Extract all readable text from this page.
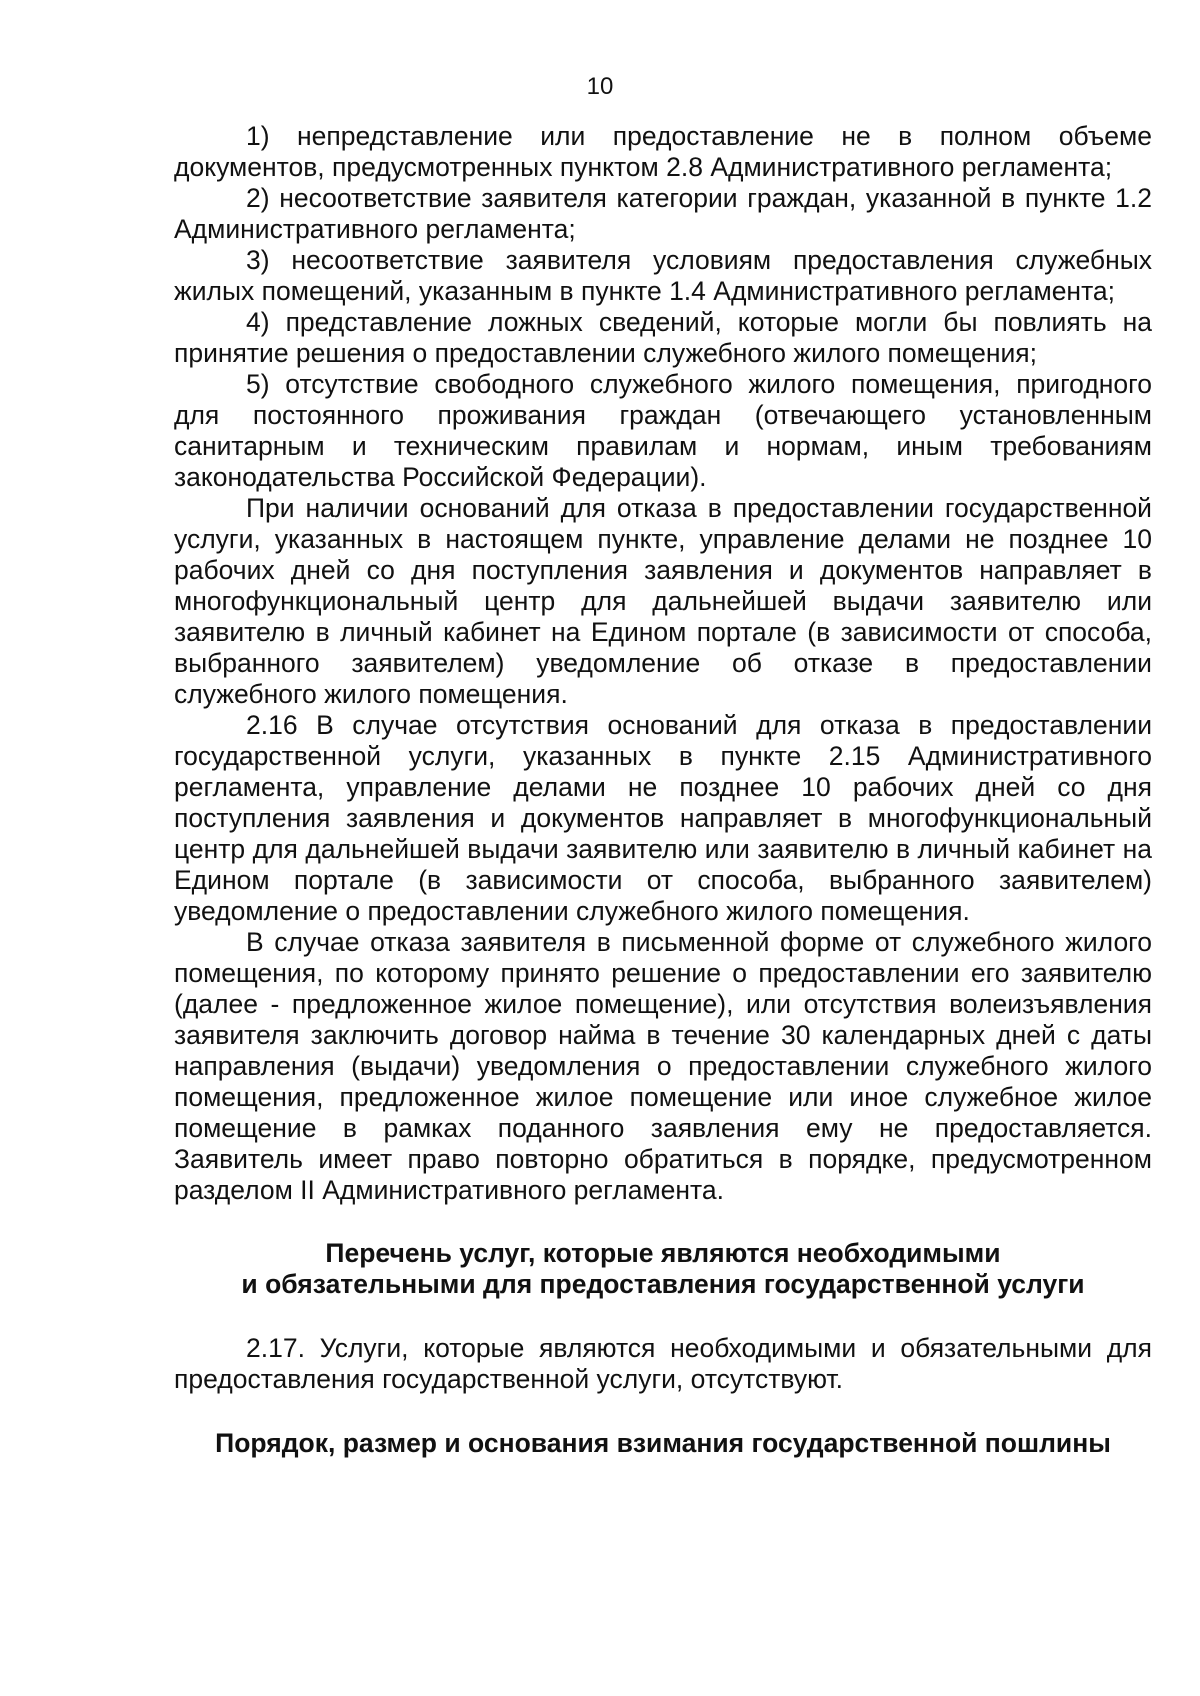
10

1) непредставление или предоставление не в полном объеме документов, предусмотренных пунктом 2.8 Административного регламента;

2) несоответствие заявителя категории граждан, указанной в пункте 1.2 Административного регламента;

3) несоответствие заявителя условиям предоставления служебных жилых помещений, указанным в пункте 1.4 Административного регламента;

4) представление ложных сведений, которые могли бы повлиять на принятие решения о предоставлении служебного жилого помещения;

5) отсутствие свободного служебного жилого помещения, пригодного для постоянного проживания граждан (отвечающего установленным санитарным и техническим правилам и нормам, иным требованиям законодательства Российской Федерации).

При наличии оснований для отказа в предоставлении государственной услуги, указанных в настоящем пункте, управление делами не позднее 10 рабочих дней со дня поступления заявления и документов направляет в многофункциональный центр для дальнейшей выдачи заявителю или заявителю в личный кабинет на Едином портале (в зависимости от способа, выбранного заявителем) уведомление об отказе в предоставлении служебного жилого помещения.

2.16 В случае отсутствия оснований для отказа в предоставлении государственной услуги, указанных в пункте 2.15 Административного регламента, управление делами не позднее 10 рабочих дней со дня поступления заявления и документов направляет в многофункциональный центр для дальнейшей выдачи заявителю или заявителю в личный кабинет на Едином портале (в зависимости от способа, выбранного заявителем) уведомление о предоставлении служебного жилого помещения.

В случае отказа заявителя в письменной форме от служебного жилого помещения, по которому принято решение о предоставлении его заявителю (далее - предложенное жилое помещение), или отсутствия волеизъявления заявителя заключить договор найма в течение 30 календарных дней с даты направления (выдачи) уведомления о предоставлении служебного жилого помещения, предложенное жилое помещение или иное служебное жилое помещение в рамках поданного заявления ему не предоставляется. Заявитель имеет право повторно обратиться в порядке, предусмотренном разделом II Административного регламента.

Перечень услуг, которые являются необходимыми
и обязательными для предоставления государственной услуги

2.17. Услуги, которые являются необходимыми и обязательными для предоставления государственной услуги, отсутствуют.

Порядок, размер и основания взимания государственной пошлины
